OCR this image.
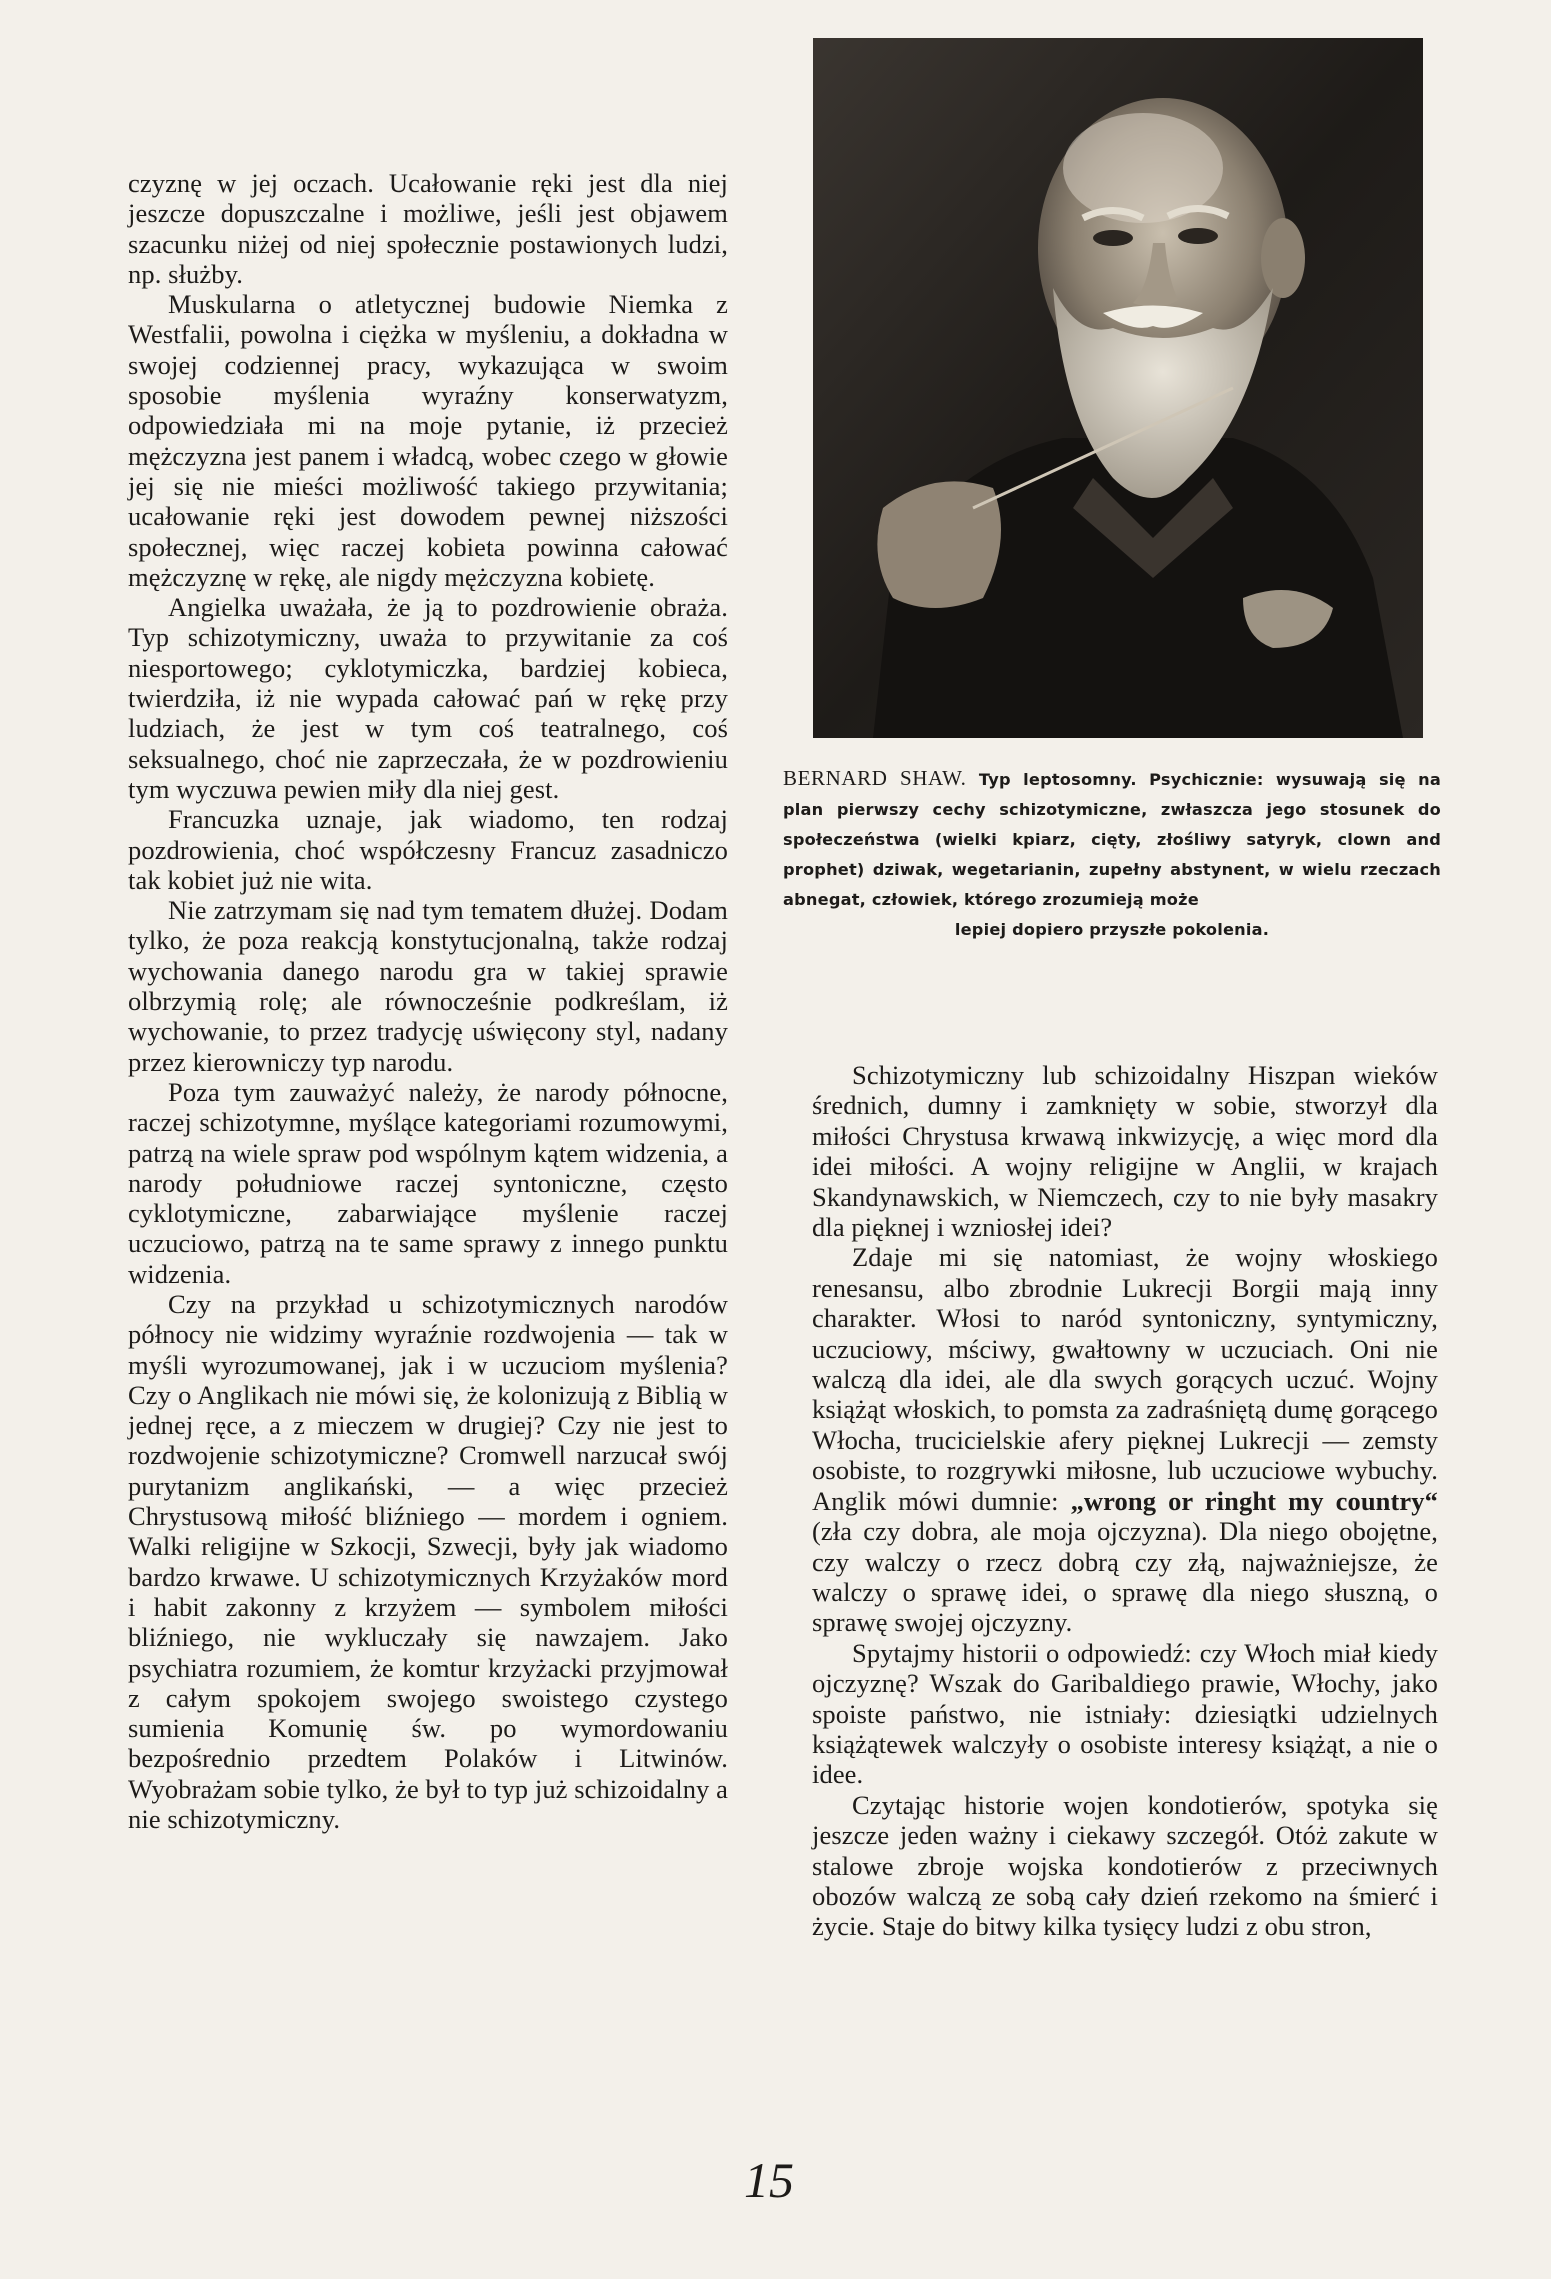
czyznę w jej oczach. Ucałowanie ręki jest dla niej jeszcze dopuszczalne i możliwe, jeśli jest objawem szacunku niżej od niej społecznie postawionych ludzi, np. służby.

Muskularna o atletycznej budowie Niemka z Westfalii, powolna i ciężka w myśleniu, a dokładna w swojej codziennej pracy, wykazująca w swoim sposobie myślenia wyraźny konserwatyzm, odpowiedziała mi na moje pytanie, iż przecież mężczyzna jest panem i władcą, wobec czego w głowie jej się nie mieści możliwość takiego przywitania; ucałowanie ręki jest dowodem pewnej niższości społecznej, więc raczej kobieta powinna całować mężczyznę w rękę, ale nigdy mężczyzna kobietę.

Angielka uważała, że ją to pozdrowienie obraża. Typ schizotymiczny, uważa to przywitanie za coś niesportowego; cyklotymiczka, bardziej kobieca, twierdziła, iż nie wypada całować pań w rękę przy ludziach, że jest w tym coś teatralnego, coś seksualnego, choć nie zaprzeczała, że w pozdrowieniu tym wyczuwa pewien miły dla niej gest.

Francuzka uznaje, jak wiadomo, ten rodzaj pozdrowienia, choć współczesny Francuz zasadniczo tak kobiet już nie wita.

Nie zatrzymam się nad tym tematem dłużej. Dodam tylko, że poza reakcją konstytucjonalną, także rodzaj wychowania danego narodu gra w takiej sprawie olbrzymią rolę; ale równocześnie podkreślam, iż wychowanie, to przez tradycję uświęcony styl, nadany przez kierowniczy typ narodu.

Poza tym zauważyć należy, że narody północne, raczej schizotymne, myślące kategoriami rozumowymi, patrzą na wiele spraw pod wspólnym kątem widzenia, a narody południowe raczej syntoniczne, często cyklotymiczne, zabarwiające myślenie raczej uczuciowo, patrzą na te same sprawy z innego punktu widzenia.

Czy na przykład u schizotymicznych narodów północy nie widzimy wyraźnie rozdwojenia — tak w myśli wyrozumowanej, jak i w uczuciom myślenia? Czy o Anglikach nie mówi się, że kolonizują z Biblią w jednej ręce, a z mieczem w drugiej? Czy nie jest to rozdwojenie schizotymiczne? Cromwell narzucał swój purytanizm anglikański, — a więc przecież Chrystusową miłość bliźniego — mordem i ogniem. Walki religijne w Szkocji, Szwecji, były jak wiadomo bardzo krwawe. U schizotymicznych Krzyżaków mord i habit zakonny z krzyżem — symbolem miłości bliźniego, nie wykluczały się nawzajem. Jako psychiatra rozumiem, że komtur krzyżacki przyjmował z całym spokojem swojego swoistego czystego sumienia Komunię św. po wymordowaniu bezpośrednio przedtem Polaków i Litwinów. Wyobrażam sobie tylko, że był to typ już schizoidalny a nie schizotymiczny.

BERNARD SHAW. Typ leptosomny. Psychicznie: wysuwają się na plan pierwszy cechy schizotymiczne, zwłaszcza jego stosunek do społeczeństwa (wielki kpiarz, cięty, złośliwy satyryk, clown and prophet) dziwak, wegetarianin, zupełny abstynent, w wielu rzeczach abnegat, człowiek, którego zrozumieją może
lepiej dopiero przyszłe pokolenia.

Schizotymiczny lub schizoidalny Hiszpan wieków średnich, dumny i zamknięty w sobie, stworzył dla miłości Chrystusa krwawą inkwizycję, a więc mord dla idei miłości. A wojny religijne w Anglii, w krajach Skandynawskich, w Niemczech, czy to nie były masakry dla pięknej i wzniosłej idei?

Zdaje mi się natomiast, że wojny włoskiego renesansu, albo zbrodnie Lukrecji Borgii mają inny charakter. Włosi to naród syntoniczny, syntymiczny, uczuciowy, mściwy, gwałtowny w uczuciach. Oni nie walczą dla idei, ale dla swych gorących uczuć. Wojny książąt włoskich, to pomsta za zadraśniętą dumę gorącego Włocha, trucicielskie afery pięknej Lukrecji — zemsty osobiste, to rozgrywki miłosne, lub uczuciowe wybuchy. Anglik mówi dumnie: „wrong or ringht my country“ (zła czy dobra, ale moja ojczyzna). Dla niego obojętne, czy walczy o rzecz dobrą czy złą, najważniejsze, że walczy o sprawę idei, o sprawę dla niego słuszną, o sprawę swojej ojczyzny.

Spytajmy historii o odpowiedź: czy Włoch miał kiedy ojczyznę? Wszak do Garibaldiego prawie, Włochy, jako spoiste państwo, nie istniały: dziesiątki udzielnych książątewek walczyły o osobiste interesy książąt, a nie o idee.

Czytając historie wojen kondotierów, spotyka się jeszcze jeden ważny i ciekawy szczegół. Otóż zakute w stalowe zbroje wojska kondotierów z przeciwnych obozów walczą ze sobą cały dzień rzekomo na śmierć i życie. Staje do bitwy kilka tysięcy ludzi z obu stron,

15
